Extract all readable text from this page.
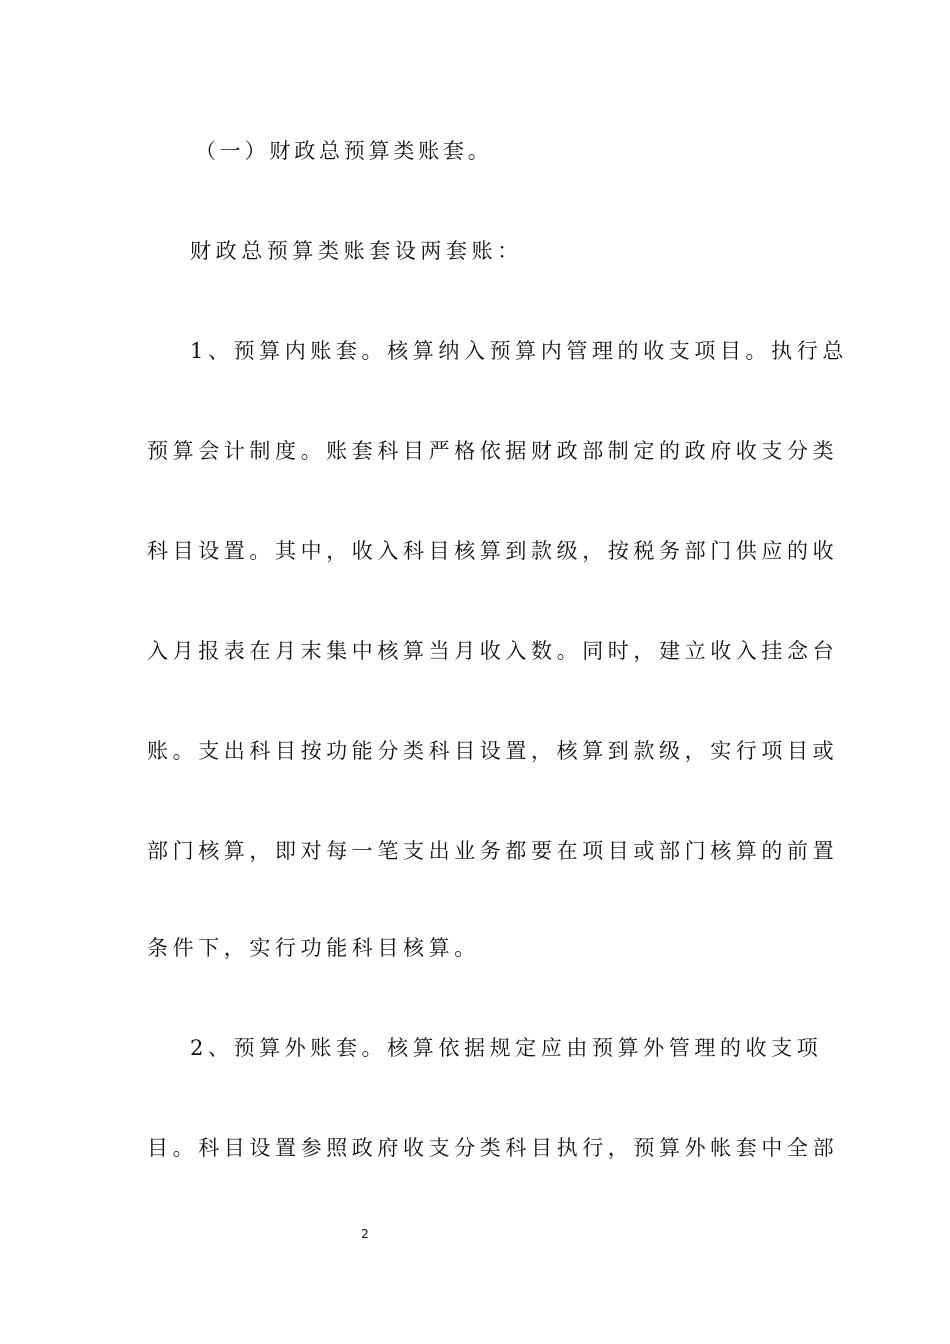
（一）财政总预算类账套。
财政总预算类账套设两套账：
1、预算内账套。核算纳入预算内管理的收支项目。执行总
预算会计制度。账套科目严格依据财政部制定的政府收支分类
科目设置。其中，收入科目核算到款级，按税务部门供应的收
入月报表在月末集中核算当月收入数。同时，建立收入挂念台
账。支出科目按功能分类科目设置，核算到款级，实行项目或
部门核算，即对每一笔支出业务都要在项目或部门核算的前置
条件下，实行功能科目核算。
2、预算外账套。核算依据规定应由预算外管理的收支项
目。科目设置参照政府收支分类科目执行，预算外帐套中全部
2
